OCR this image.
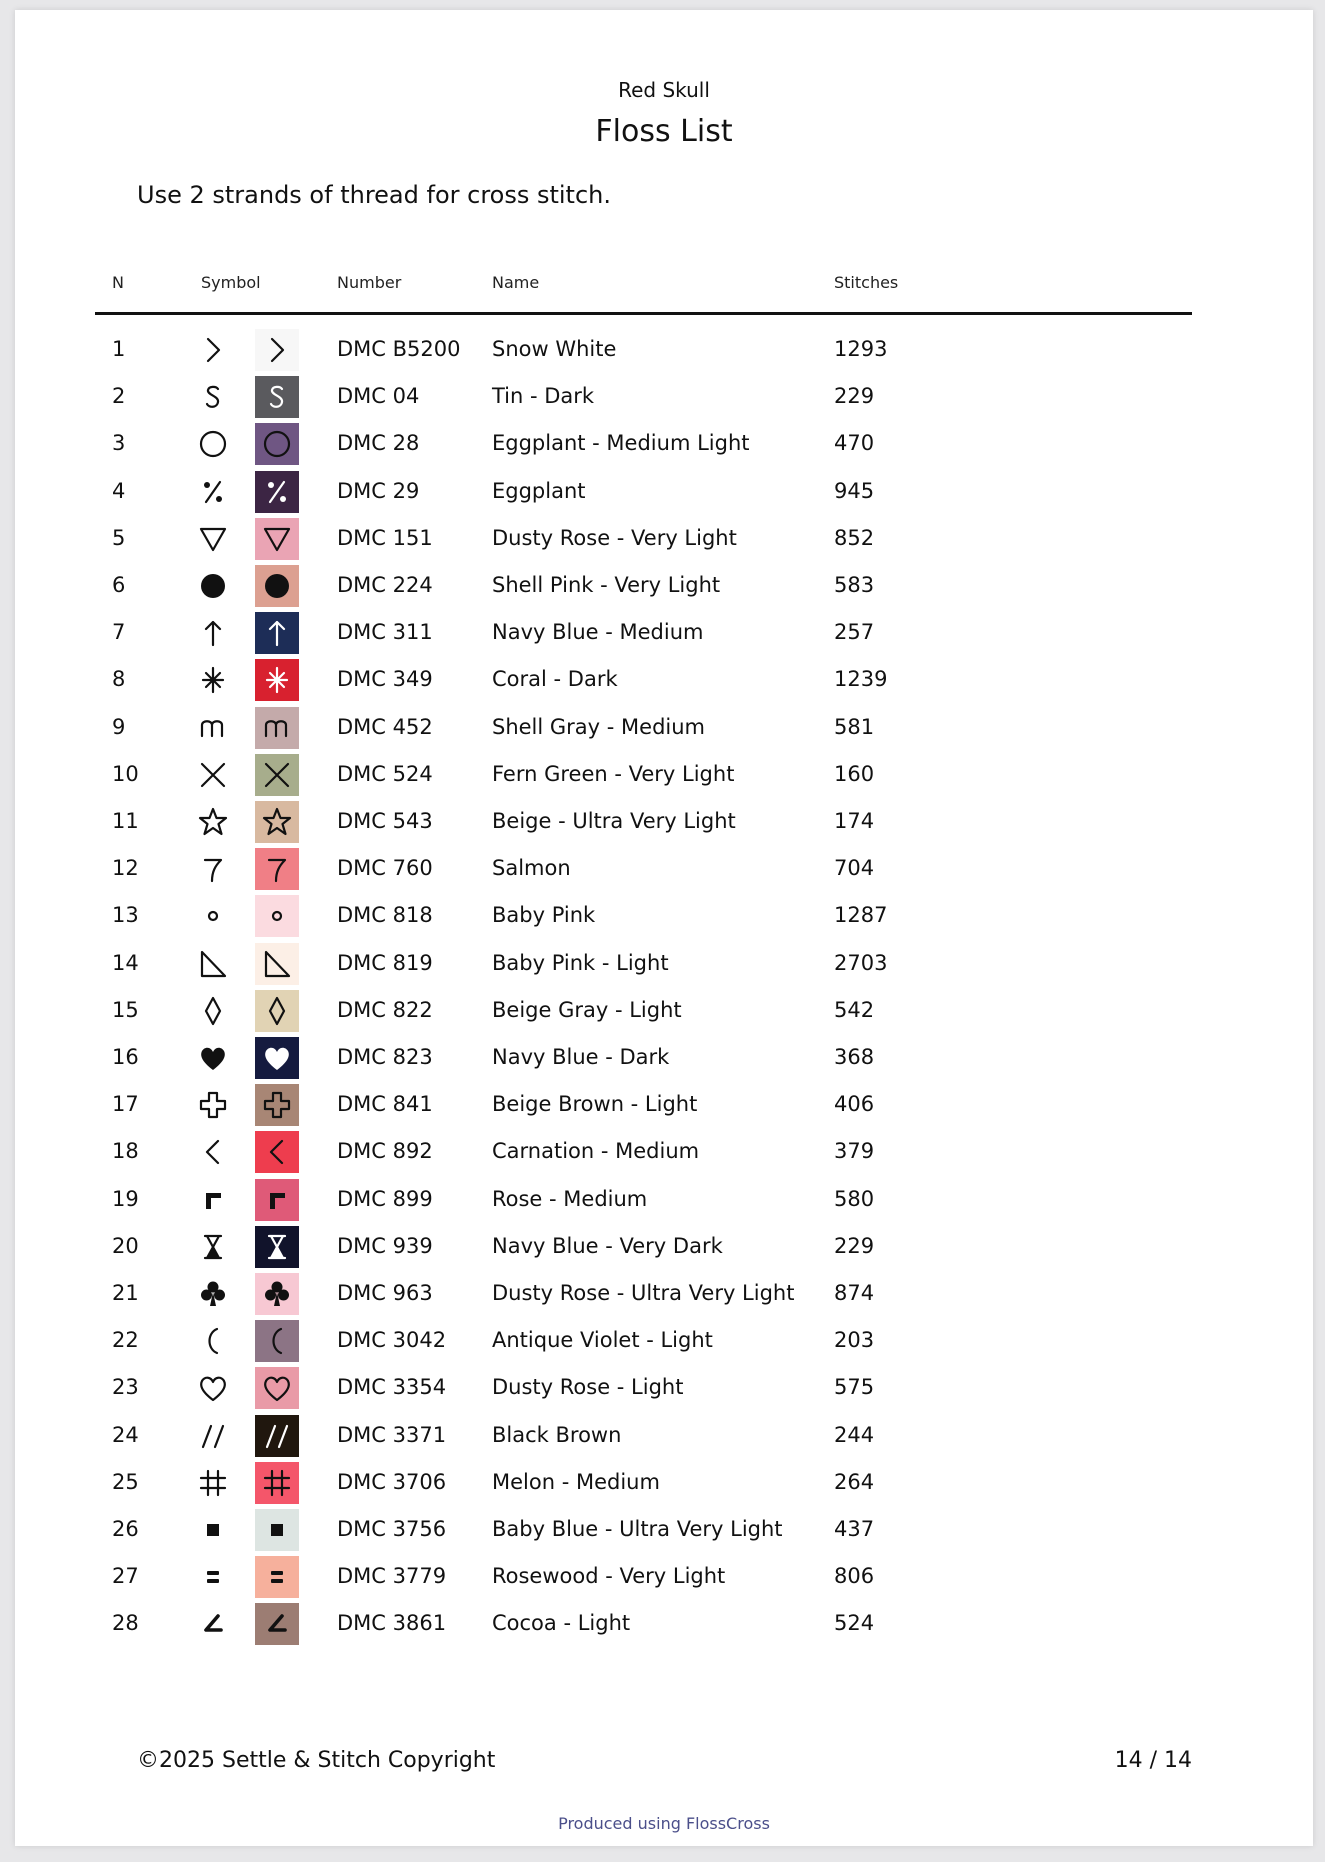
Red Skull
Floss List
Use 2 strands of thread for cross stitch.
N	Symbol	Number	Name	Stitches
1	DMC B5200 Snow White	1293
2	DMC 04	Tin - Dark	229
3	DMC 28	Eggplant - Medium Light	470
4	DMC 29	Eggplant	945
5	DMC 151	Dusty Rose - Very Light	852
6	DMC 224	Shell Pink - Very Light	583
7	DMC 311	Navy Blue - Medium	257
8	DMC 349	Coral - Dark	1239
9	DMC 452	Shell Gray - Medium	581
10	DMC 524	Fern Green - Very Light	160
11	DMC 543	Beige - Ultra Very Light	174
12	DMC 760	Salmon	704
13	DMC 818	Baby Pink	1287
14	DMC 819	Baby Pink - Light	2703
15	DMC 822	Beige Gray - Light	542
16	DMC 823	Navy Blue - Dark	368
17	DMC 841	Beige Brown - Light	406
18	DMC 892	Carnation - Medium	379
19	DMC 899	Rose - Medium	580
20	DMC 939	Navy Blue - Very Dark	229
21	DMC 963	Dusty Rose - Ultra Very Light 874
22	DMC 3042 Antique Violet - Light	203
23	DMC 3354 Dusty Rose - Light	575
24	DMC 3371 Black Brown	244
25	DMC 3706 Melon - Medium	264
26	DMC 3756 Baby Blue - Ultra Very Light 437
27	DMC 3779 Rosewood - Very Light	806
28	DMC 3861 Cocoa - Light	524
©2025 Settle & Stitch Copyright	14 / 14
Produced using FlossCross
